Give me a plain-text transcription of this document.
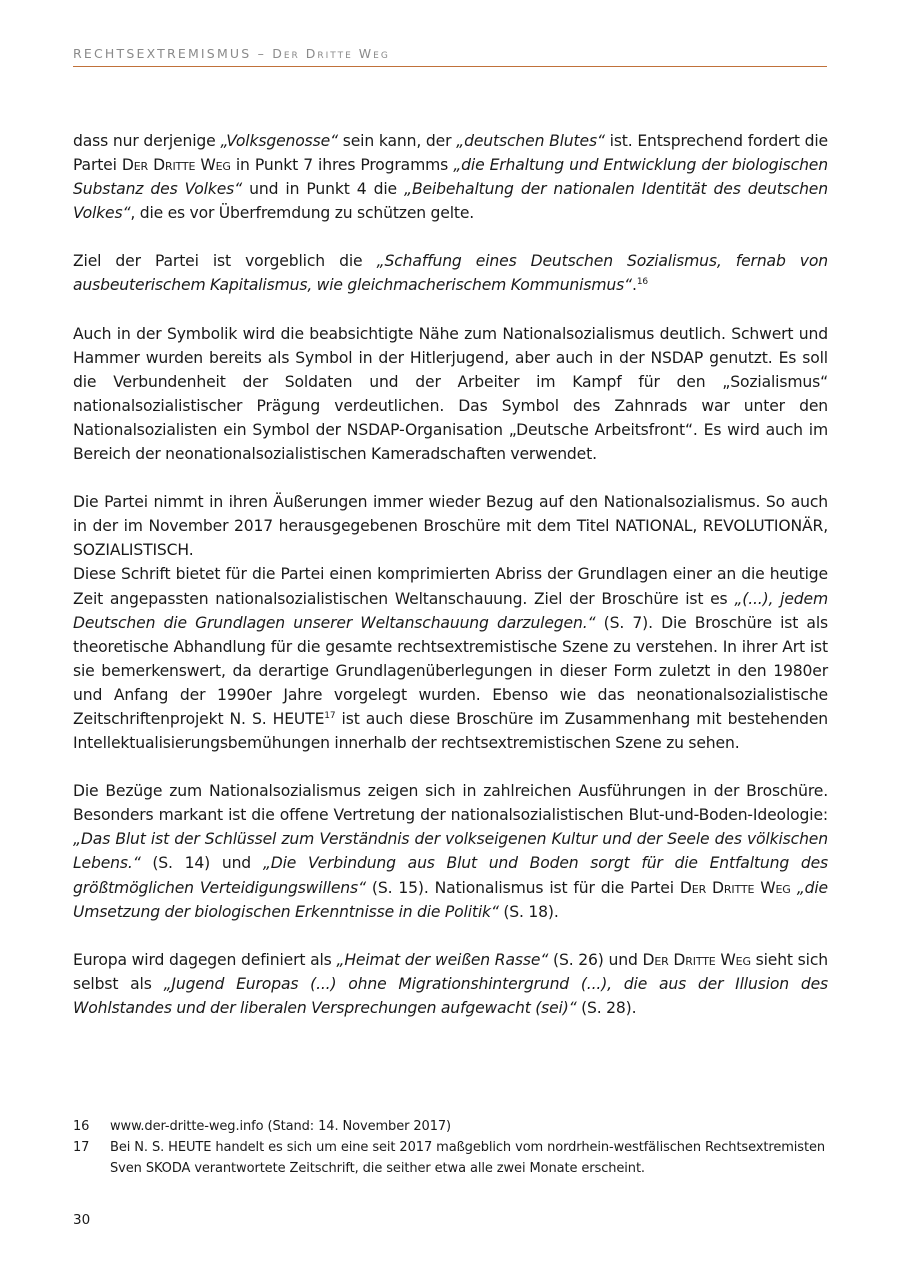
RECHTSEXTREMISMUS – Der Dritte Weg

dass nur derjenige „Volksgenosse“ sein kann, der „deutschen Blutes“ ist. Entsprechend fordert die Partei Der Dritte Weg in Punkt 7 ihres Programms „die Erhaltung und Entwicklung der biologischen Substanz des Volkes“ und in Punkt 4 die „Beibehaltung der nationalen Identität des deutschen Volkes“, die es vor Überfremdung zu schützen gelte.

Ziel der Partei ist vorgeblich die „Schaffung eines Deutschen Sozialismus, fernab von ausbeuterischem Kapitalismus, wie gleichmacherischem Kommunismus“.$^{16}$

Auch in der Symbolik wird die beabsichtigte Nähe zum Nationalsozialismus deutlich. Schwert und Hammer wurden bereits als Symbol in der Hitlerjugend, aber auch in der NSDAP genutzt. Es soll die Verbundenheit der Soldaten und der Arbeiter im Kampf für den „Sozialismus“ nationalsozialistischer Prägung verdeutlichen. Das Symbol des Zahnrads war unter den Nationalsozialisten ein Symbol der NSDAP-Organisation „Deutsche Arbeitsfront“. Es wird auch im Bereich der neonationalsozialistischen Kameradschaften verwendet.

Die Partei nimmt in ihren Äußerungen immer wieder Bezug auf den Nationalsozialismus. So auch in der im November 2017 herausgegebenen Broschüre mit dem Titel NATIONAL, REVOLUTIONÄR, SOZIALISTISCH.

Diese Schrift bietet für die Partei einen komprimierten Abriss der Grundlagen einer an die heutige Zeit angepassten nationalsozialistischen Weltanschauung. Ziel der Broschüre ist es „(...), jedem Deutschen die Grundlagen unserer Weltanschauung darzulegen.“ (S. 7). Die Broschüre ist als theoretische Abhandlung für die gesamte rechtsextremistische Szene zu verstehen. In ihrer Art ist sie bemerkenswert, da derartige Grundlagenüberlegungen in dieser Form zuletzt in den 1980er und Anfang der 1990er Jahre vorgelegt wurden. Ebenso wie das neonationalsozialistische Zeitschriftenprojekt N. S. HEUTE$^{17}$ ist auch diese Broschüre im Zusammenhang mit bestehenden Intellektualisierungsbemühungen innerhalb der rechtsextremistischen Szene zu sehen.

Die Bezüge zum Nationalsozialismus zeigen sich in zahlreichen Ausführungen in der Broschüre. Besonders markant ist die offene Vertretung der nationalsozialistischen Blut-und-Boden-Ideologie: „Das Blut ist der Schlüssel zum Verständnis der volkseigenen Kultur und der Seele des völkischen Lebens.“ (S. 14) und „Die Verbindung aus Blut und Boden sorgt für die Entfaltung des größtmöglichen Verteidigungswillens“ (S. 15). Nationalismus ist für die Partei Der Dritte Weg „die Umsetzung der biologischen Erkenntnisse in die Politik“ (S. 18).

Europa wird dagegen definiert als „Heimat der weißen Rasse“ (S. 26) und Der Dritte Weg sieht sich selbst als „Jugend Europas (...) ohne Migrationshintergrund (...), die aus der Illusion des Wohlstandes und der liberalen Versprechungen aufgewacht (sei)“ (S. 28).

16	www.der-dritte-weg.info (Stand: 14. November 2017)
17	Bei N. S. HEUTE handelt es sich um eine seit 2017 maßgeblich vom nordrhein-westfälischen Rechtsextremisten Sven SKODA verantwortete Zeitschrift, die seither etwa alle zwei Monate erscheint.
30
